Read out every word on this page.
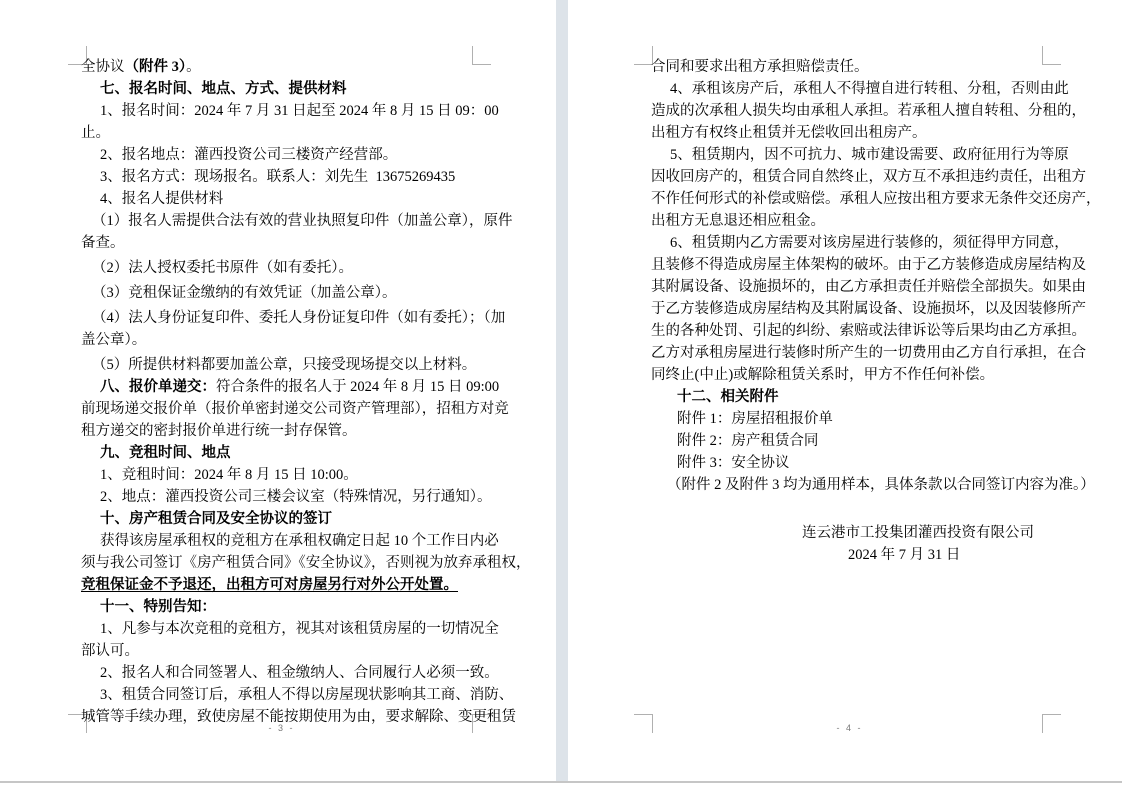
全协议（附件 3）。
七、报名时间、地点、方式、提供材料
1、报名时间：2024 年 7 月 31 日起至 2024 年 8 月 15 日 09：00
止。
2、报名地点：灌西投资公司三楼资产经营部。
3、报名方式：现场报名。联系人：刘先生  13675269435
4、报名人提供材料
（1）报名人需提供合法有效的营业执照复印件（加盖公章），原件
备查。
（2）法人授权委托书原件（如有委托）。
（3）竞租保证金缴纳的有效凭证（加盖公章）。
（4）法人身份证复印件、委托人身份证复印件（如有委托）；（加
盖公章）。
（5）所提供材料都要加盖公章，只接受现场提交以上材料。
八、报价单递交：符合条件的报名人于 2024 年 8 月 15 日 09:00
前现场递交报价单（报价单密封递交公司资产管理部），招租方对竞
租方递交的密封报价单进行统一封存保管。
九、竞租时间、地点
1、竞租时间：2024 年 8 月 15 日 10:00。
2、地点：灌西投资公司三楼会议室（特殊情况，另行通知）。
十、房产租赁合同及安全协议的签订
获得该房屋承租权的竞租方在承租权确定日起 10 个工作日内必
须与我公司签订《房产租赁合同》《安全协议》，否则视为放弃承租权，
竞租保证金不予退还，出租方可对房屋另行对外公开处置。
十一、特别告知：
1、凡参与本次竞租的竞租方，视其对该租赁房屋的一切情况全
部认可。
2、报名人和合同签署人、租金缴纳人、合同履行人必须一致。
3、租赁合同签订后，承租人不得以房屋现状影响其工商、消防、
城管等手续办理，致使房屋不能按期使用为由，要求解除、变更租赁
- 3 -
合同和要求出租方承担赔偿责任。
4、承租该房产后，承租人不得擅自进行转租、分租，否则由此
造成的次承租人损失均由承租人承担。若承租人擅自转租、分租的，
出租方有权终止租赁并无偿收回出租房产。
5、租赁期内，因不可抗力、城市建设需要、政府征用行为等原
因收回房产的，租赁合同自然终止，双方互不承担违约责任，出租方
不作任何形式的补偿或赔偿。承租人应按出租方要求无条件交还房产，
出租方无息退还相应租金。
6、租赁期内乙方需要对该房屋进行装修的，须征得甲方同意，
且装修不得造成房屋主体架构的破坏。由于乙方装修造成房屋结构及
其附属设备、设施损坏的，由乙方承担责任并赔偿全部损失。如果由
于乙方装修造成房屋结构及其附属设备、设施损坏，以及因装修所产
生的各种处罚、引起的纠纷、索赔或法律诉讼等后果均由乙方承担。
乙方对承租房屋进行装修时所产生的一切费用由乙方自行承担，在合
同终止(中止)或解除租赁关系时，甲方不作任何补偿。
十二、相关附件
附件 1：房屋招租报价单
附件 2：房产租赁合同
附件 3：安全协议
（附件 2 及附件 3 均为通用样本，具体条款以合同签订内容为准。）
连云港市工投集团灌西投资有限公司
2024 年 7 月 31 日
- 4 -
